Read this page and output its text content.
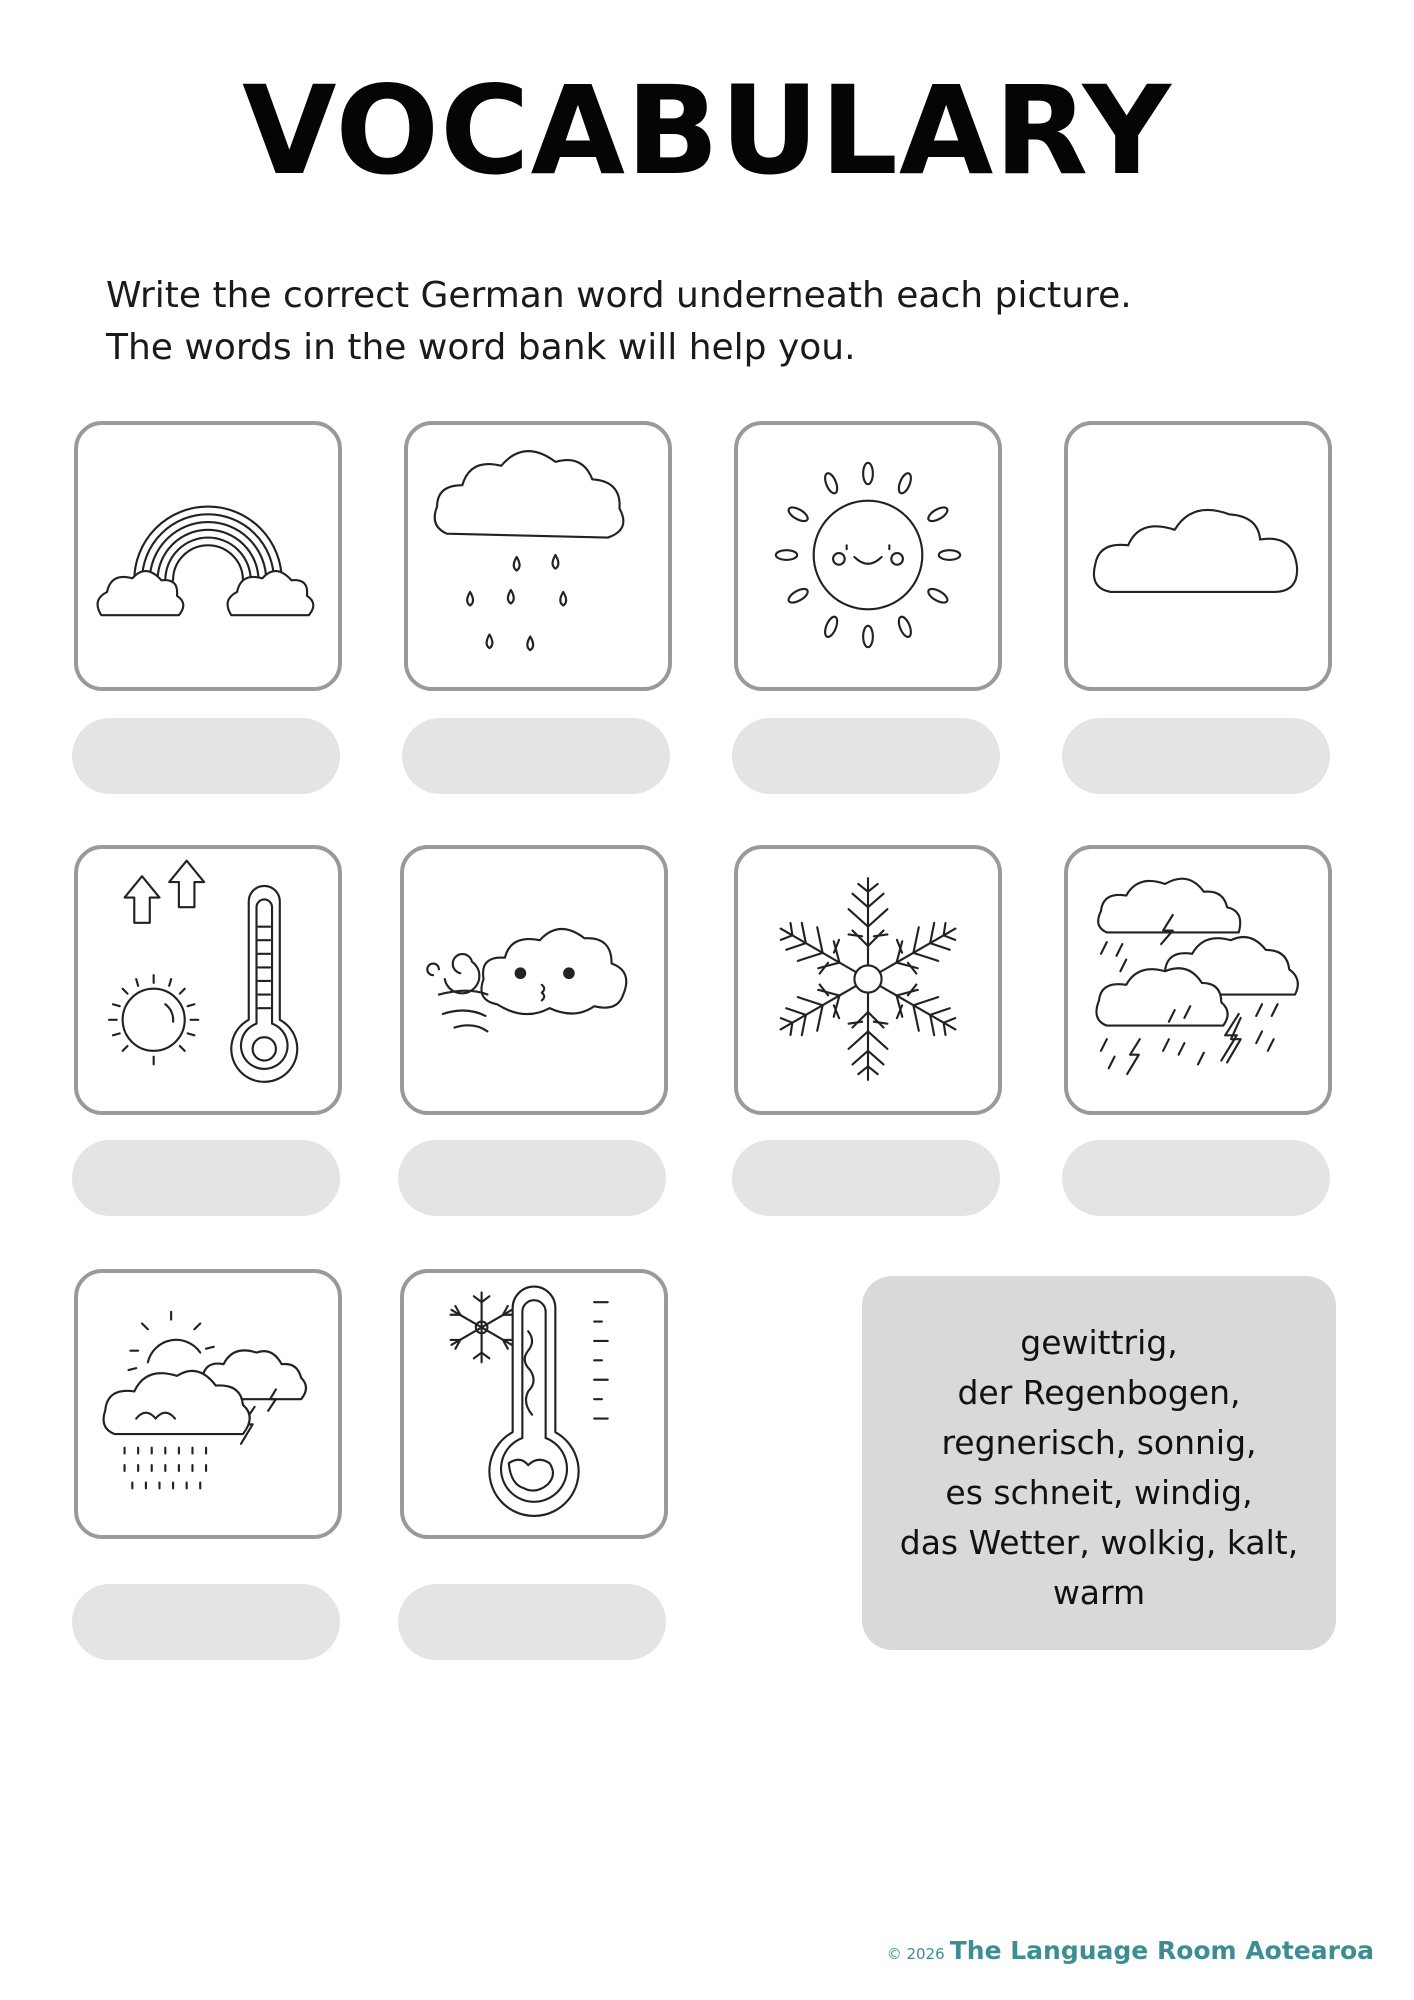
VOCABULARY
Write the correct German word underneath each picture.
The words in the word bank will help you.
gewittrig,
der Regenbogen,
regnerisch, sonnig,
es schneit, windig,
das Wetter, wolkig, kalt,
warm
© 2026 The Language Room Aotearoa
